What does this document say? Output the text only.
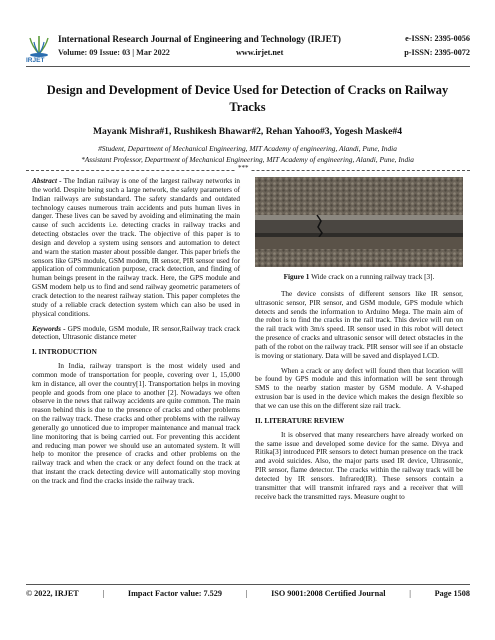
IRJET
International Research Journal of Engineering and Technology (IRJET)
Volume: 09 Issue: 03 | Mar 2022	www.irjet.net
e-ISSN: 2395-0056
p-ISSN: 2395-0072
Design and Development of Device Used for Detection of Cracks on Railway Tracks
Mayank Mishra#1, Rushikesh Bhawar#2, Rehan Yahoo#3, Yogesh Maske#4
#Student, Department of Mechanical Engineering, MIT Academy of engineering, Alandi, Pune, India
*Assistant Professor, Department of Mechanical Engineering, MIT Academy of engineering, Alandi, Pune, India
***

Abstract - The Indian railway is one of the largest railway networks in the world. Despite being such a large network, the safety parameters of Indian railways are substandard. The safety standards and outdated technology causes numerous train accidents and puts human lives in danger. These lives can be saved by avoiding and eliminating the main cause of such accidents i.e. detecting cracks in railway tracks and detecting obstacles over the track. The objective of this paper is to design and develop a system using sensors and automation to detect and warn the station master about possible danger. This paper briefs the sensors like GPS module, GSM modem, IR sensor, PIR sensor used for application of communication purpose, crack detection, and finding of human beings present in the railway track. Here, the GPS module and GSM modem help us to find and send railway geometric parameters of crack detection to the nearest railway station. This paper completes the study of a reliable crack detection system which can also be used in physical conditions.

Keywords - GPS module, GSM module, IR sensor,Railway track crack detection, Ultrasonic distance meter

I. INTRODUCTION

In India, railway transport is the most widely used and common mode of transportation for people, covering over 1, 15,000 km in distance, all over the country[1]. Transportation helps in moving people and goods from one place to another [2]. Nowadays we often observe in the news that railway accidents are quite common. The main reason behind this is due to the presence of cracks and other problems on the railway track. These cracks and other problems with the railway generally go unnoticed due to improper maintenance and manual track line monitoring that is being carried out. For preventing this accident and reducing man power we should use an automated system. It will help to monitor the presence of cracks and other problems on the railway track and when the crack or any defect found on the track at that instant the crack detecting device will automatically stop moving on the track and find the cracks inside the railway track.

Figure 1 Wide crack on a running railway track [3].

The device consists of different sensors like IR sensor, ultrasonic sensor, PIR sensor, and GSM module, GPS module which detects and sends the information to Arduino Mega. The main aim of the robot is to find the cracks in the rail track. This device will run on the rail track with 3m/s speed. IR sensor used in this robot will detect the presence of cracks and ultrasonic sensor will detect obstacles in the path of the robot on the railway track. PIR sensor will see if an obstacle is moving or stationary. Data will be saved and displayed LCD.

When a crack or any defect will found then that location will be found by GPS module and this information will be sent through SMS to the nearby station master by GSM module. A V-shaped extrusion bar is used in the device which makes the design flexible so that we can use this on the different size rail track.

II. LITERATURE REVIEW

It is observed that many researchers have already worked on the same issue and developed some device for the same. Divya and Ritika[3] introduced PIR sensors to detect human presence on the track and avoid suicides. Also, the major parts used IR device, Ultrasonic, PIR sensor, flame detector. The cracks within the railway track will be detected by IR sensors. Infrared(IR). These sensors contain a transmitter that will transmit infrared rays and a receiver that will receive back the transmitted rays. Measure ought to

© 2022, IRJET	|	Impact Factor value: 7.529	|	ISO 9001:2008 Certified Journal	|	Page 1508
